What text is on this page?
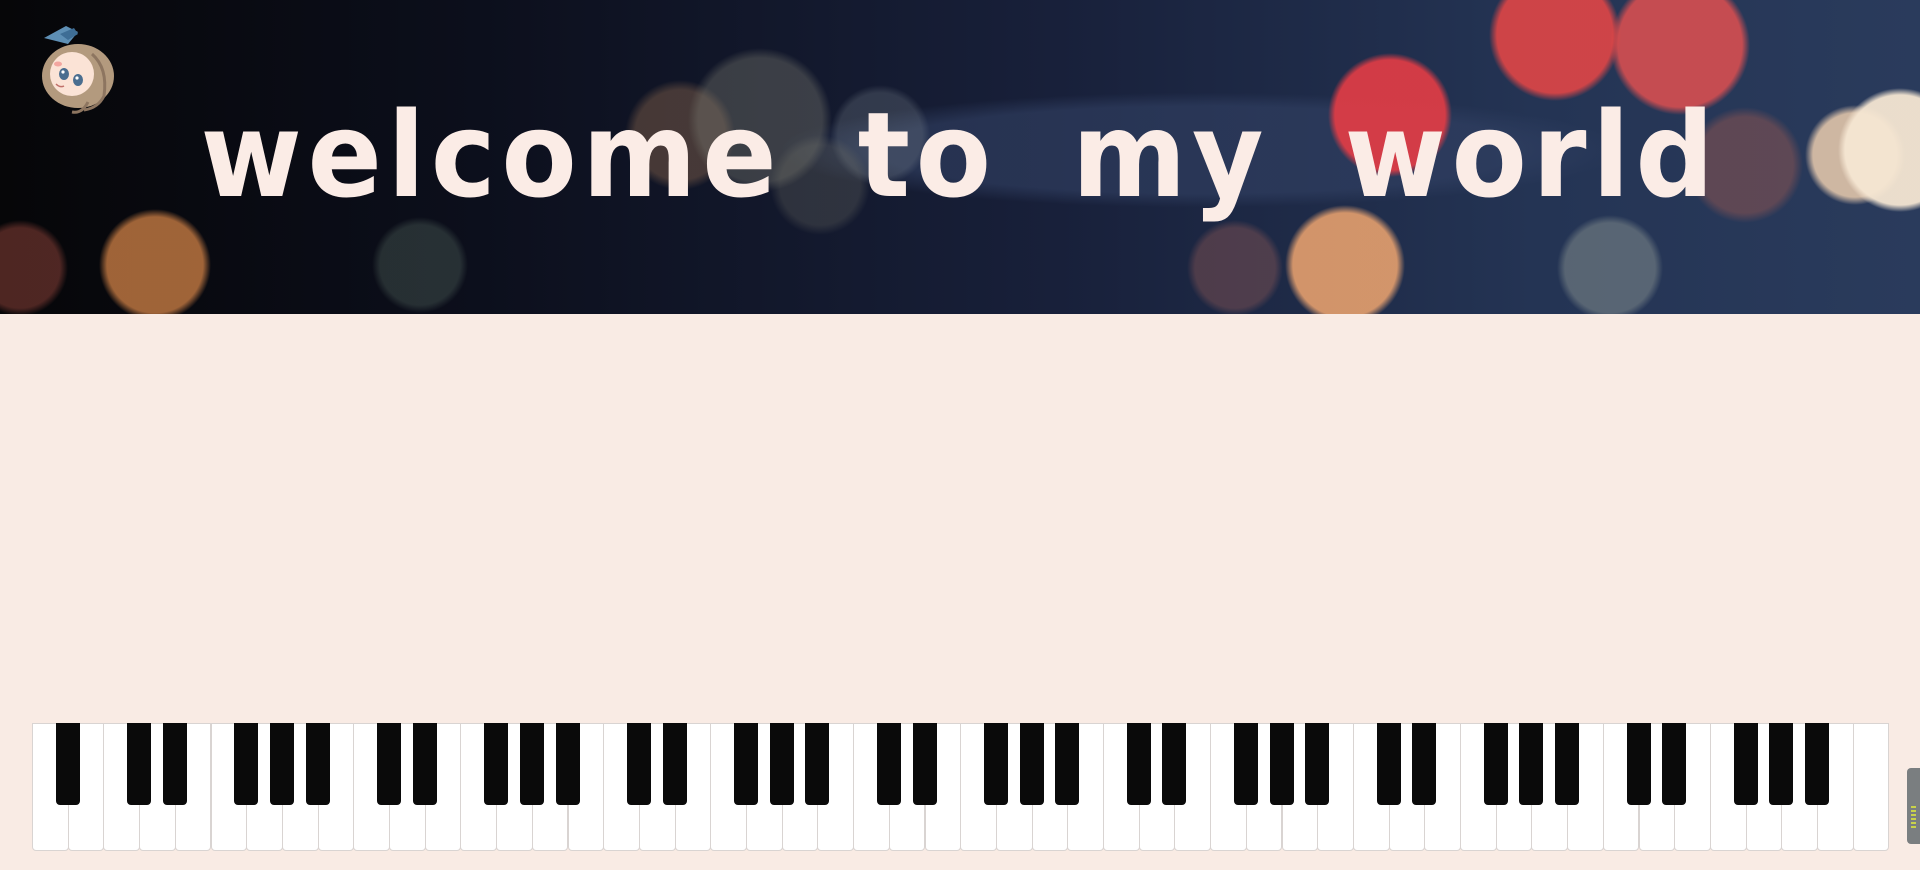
welcome to my world
